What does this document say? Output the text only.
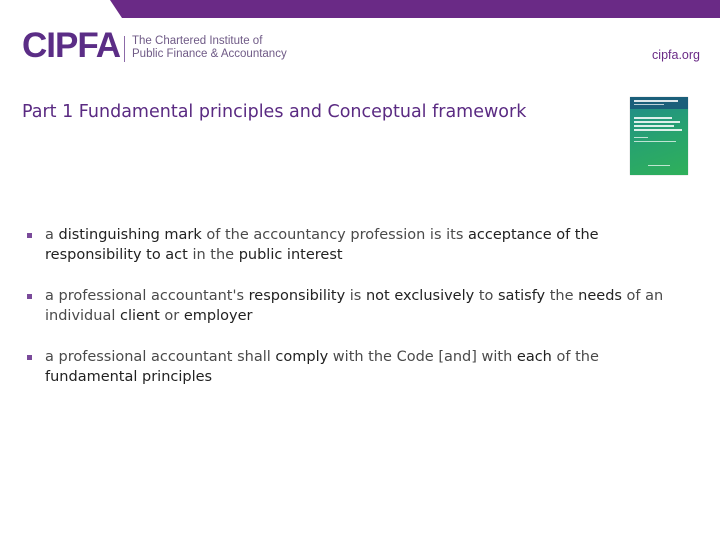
CIPFA The Chartered Institute of
Public Finance & Accountancy	cipfa.org
Part 1 Fundamental principles and Conceptual framework
a distinguishing mark of the accountancy profession is its acceptance of the responsibility to act in the public interest
a professional accountant's responsibility is not exclusively to satisfy the needs of an individual client or employer
a professional accountant shall comply with the Code [and] with each of the fundamental principles
